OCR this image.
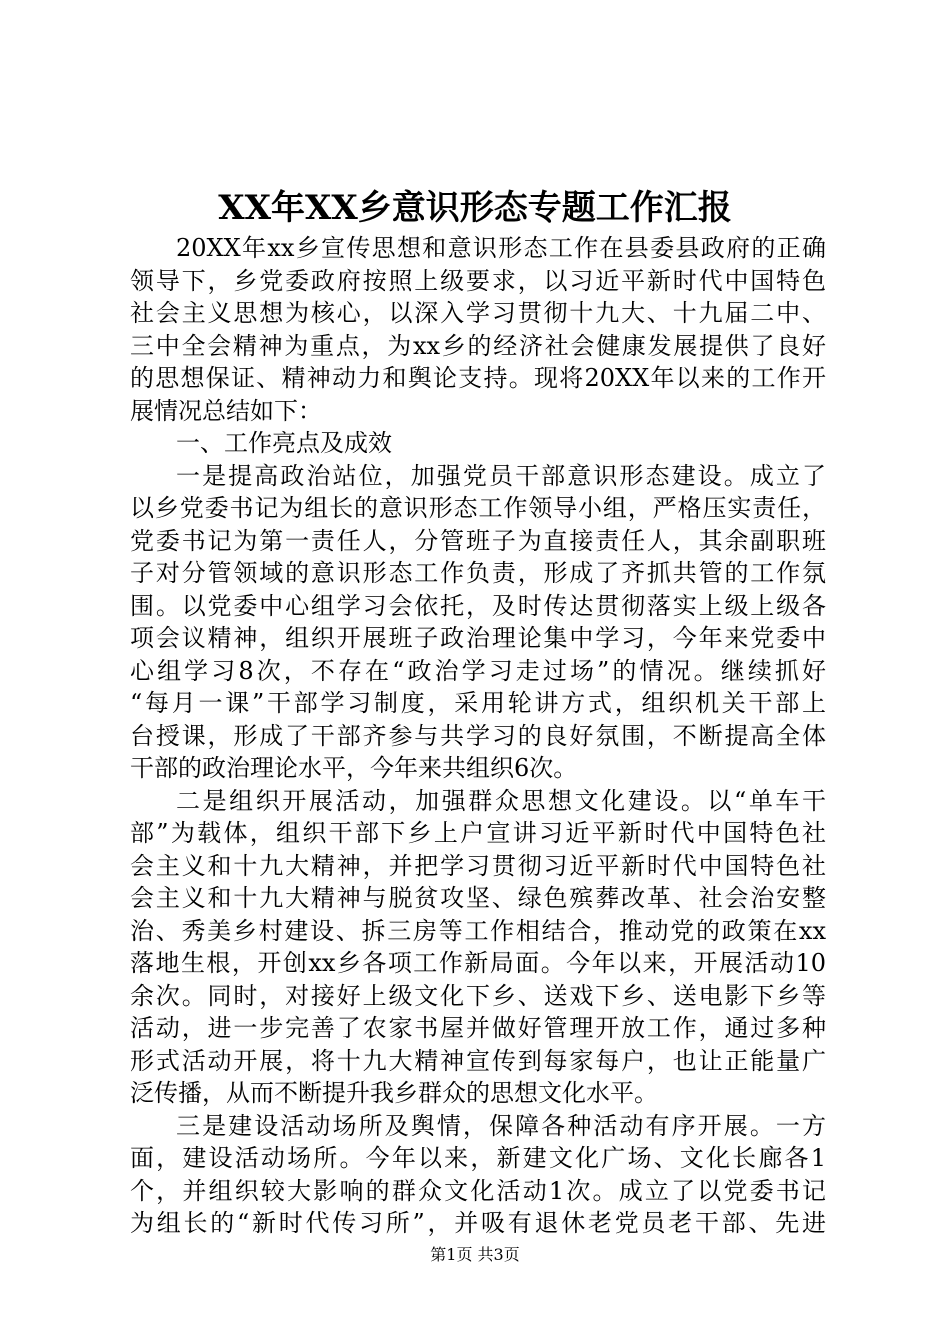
XX年XX乡意识形态专题工作汇报
20XX年xx乡宣传思想和意识形态工作在县委县政府的正确
领导下，乡党委政府按照上级要求，以习近平新时代中国特色
社会主义思想为核心，以深入学习贯彻十九大、十九届二中、
三中全会精神为重点，为xx乡的经济社会健康发展提供了良好
的思想保证、精神动力和舆论支持。现将20XX年以来的工作开
展情况总结如下：
一、工作亮点及成效
一是提高政治站位，加强党员干部意识形态建设。成立了
以乡党委书记为组长的意识形态工作领导小组，严格压实责任，
党委书记为第一责任人，分管班子为直接责任人，其余副职班
子对分管领域的意识形态工作负责，形成了齐抓共管的工作氛
围。以党委中心组学习会依托，及时传达贯彻落实上级上级各
项会议精神，组织开展班子政治理论集中学习，今年来党委中
心组学习8次，不存在“政治学习走过场”的情况。继续抓好
“每月一课”干部学习制度，采用轮讲方式，组织机关干部上
台授课，形成了干部齐参与共学习的良好氛围，不断提高全体
干部的政治理论水平，今年来共组织6次。
二是组织开展活动，加强群众思想文化建设。以“单车干
部”为载体，组织干部下乡上户宣讲习近平新时代中国特色社
会主义和十九大精神，并把学习贯彻习近平新时代中国特色社
会主义和十九大精神与脱贫攻坚、绿色殡葬改革、社会治安整
治、秀美乡村建设、拆三房等工作相结合，推动党的政策在xx
落地生根，开创xx乡各项工作新局面。今年以来，开展活动10
余次。同时，对接好上级文化下乡、送戏下乡、送电影下乡等
活动，进一步完善了农家书屋并做好管理开放工作，通过多种
形式活动开展，将十九大精神宣传到每家每户，也让正能量广
泛传播，从而不断提升我乡群众的思想文化水平。
三是建设活动场所及舆情，保障各种活动有序开展。一方
面，建设活动场所。今年以来，新建文化广场、文化长廊各1
个，并组织较大影响的群众文化活动1次。成立了以党委书记
为组长的“新时代传习所”，并吸有退休老党员老干部、先进
第1页 共3页
